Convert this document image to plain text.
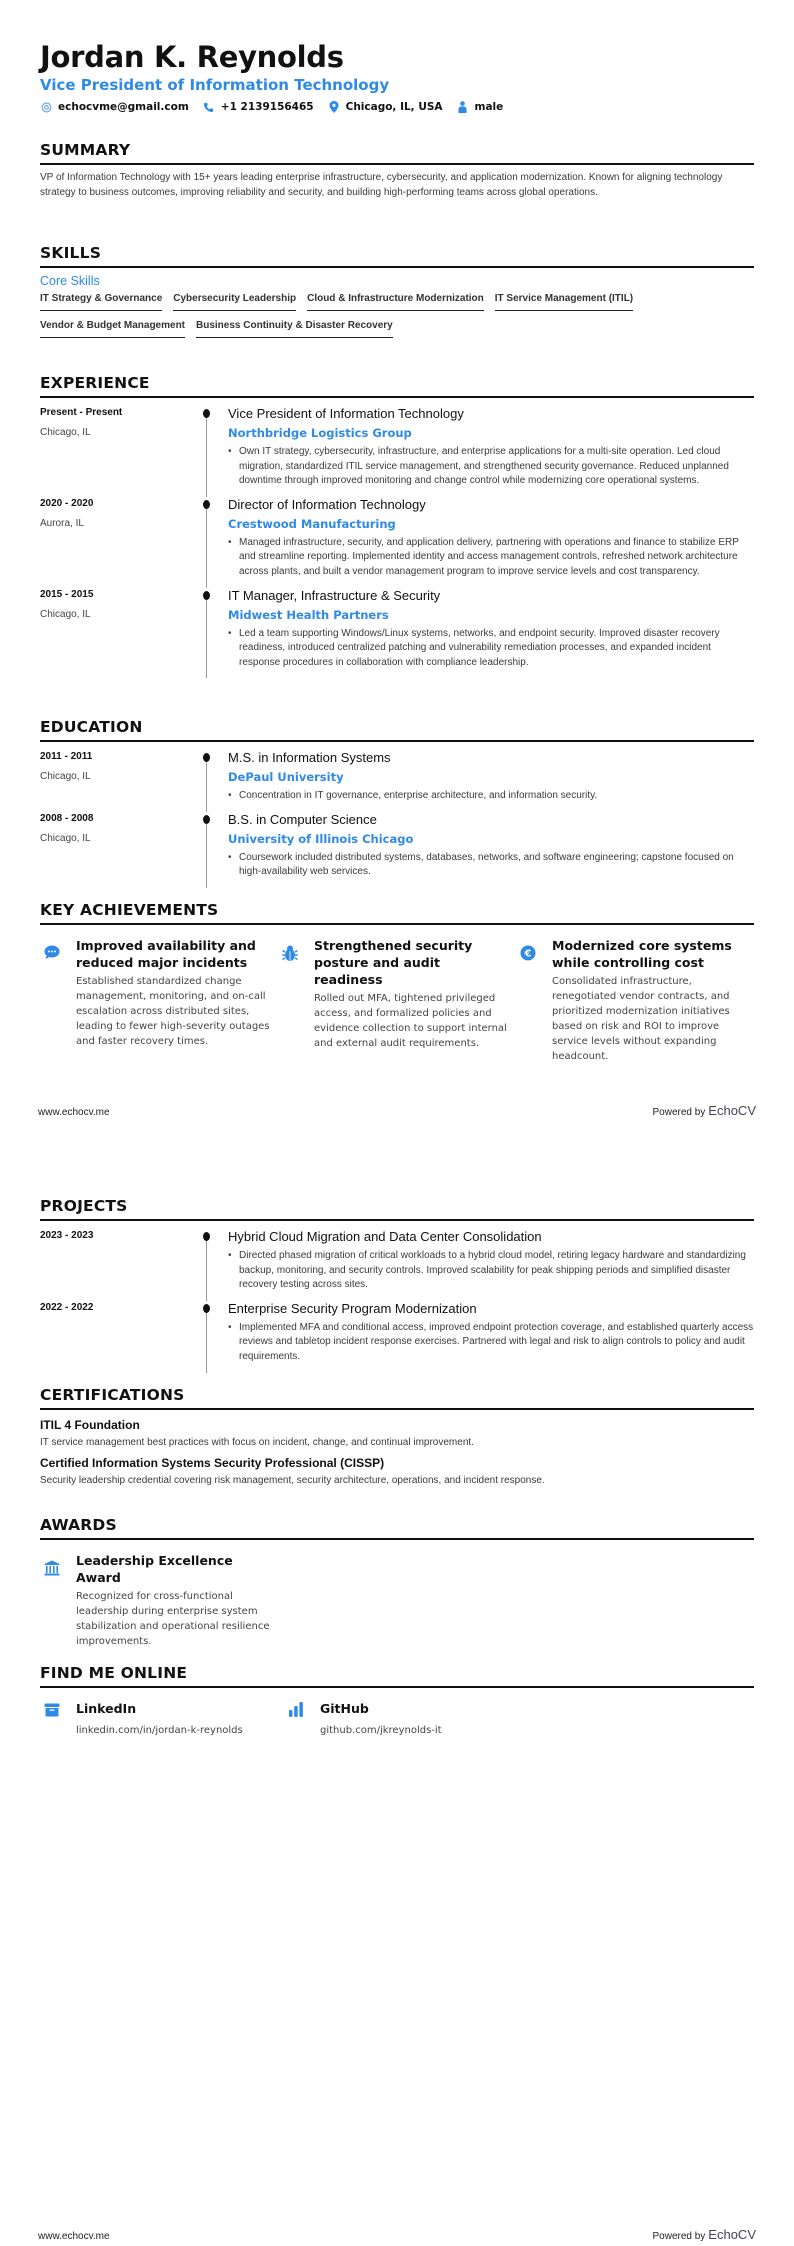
Jordan K. Reynolds
Vice President of Information Technology
echocvme@gmail.com	+1 2139156465	Chicago, IL, USA	male
SUMMARY
VP of Information Technology with 15+ years leading enterprise infrastructure, cybersecurity, and application modernization. Known for aligning technology strategy to business outcomes, improving reliability and security, and building high-performing teams across global operations.
SKILLS
Core Skills
IT Strategy & Governance Cybersecurity Leadership Cloud & Infrastructure Modernization IT Service Management (ITIL)
Vendor & Budget Management Business Continuity & Disaster Recovery
EXPERIENCE
Present - Present
Chicago, IL
Vice President of Information Technology
Northbridge Logistics Group
• Own IT strategy, cybersecurity, infrastructure, and enterprise applications for a multi-site operation. Led cloud migration, standardized ITIL service management, and strengthened security governance. Reduced unplanned downtime through improved monitoring and change control while modernizing core operational systems.
2020 - 2020
Aurora, IL
Director of Information Technology
Crestwood Manufacturing
• Managed infrastructure, security, and application delivery, partnering with operations and finance to stabilize ERP and streamline reporting. Implemented identity and access management controls, refreshed network architecture across plants, and built a vendor management program to improve service levels and cost transparency.
2015 - 2015
Chicago, IL
IT Manager, Infrastructure & Security
Midwest Health Partners
• Led a team supporting Windows/Linux systems, networks, and endpoint security. Improved disaster recovery readiness, introduced centralized patching and vulnerability remediation processes, and expanded incident response procedures in collaboration with compliance leadership.
EDUCATION
2011 - 2011
Chicago, IL
M.S. in Information Systems
DePaul University
• Concentration in IT governance, enterprise architecture, and information security.
2008 - 2008
Chicago, IL
B.S. in Computer Science
University of Illinois Chicago
• Coursework included distributed systems, databases, networks, and software engineering; capstone focused on high-availability web services.
KEY ACHIEVEMENTS
Improved availability and reduced major incidents
Established standardized change management, monitoring, and on-call escalation across distributed sites, leading to fewer high-severity outages and faster recovery times.
Strengthened security posture and audit readiness
Rolled out MFA, tightened privileged access, and formalized policies and evidence collection to support internal and external audit requirements.
€
Modernized core systems while controlling cost
Consolidated infrastructure, renegotiated vendor contracts, and prioritized modernization initiatives based on risk and ROI to improve service levels without expanding headcount.
www.echocv.me	Powered by EchoCV
PROJECTS
2023 - 2023	Hybrid Cloud Migration and Data Center Consolidation
• Directed phased migration of critical workloads to a hybrid cloud model, retiring legacy hardware and standardizing backup, monitoring, and security controls. Improved scalability for peak shipping periods and simplified disaster recovery testing across sites.
2022 - 2022	Enterprise Security Program Modernization
• Implemented MFA and conditional access, improved endpoint protection coverage, and established quarterly access reviews and tabletop incident response exercises. Partnered with legal and risk to align controls to policy and audit requirements.
CERTIFICATIONS
ITIL 4 Foundation
IT service management best practices with focus on incident, change, and continual improvement.
Certified Information Systems Security Professional (CISSP)
Security leadership credential covering risk management, security architecture, operations, and incident response.
AWARDS
Leadership Excellence Award
Recognized for cross-functional leadership during enterprise system stabilization and operational resilience improvements.
FIND ME ONLINE
LinkedIn
linkedin.com/in/jordan-k-reynolds
GitHub
github.com/jkreynolds-it
www.echocv.me	Powered by EchoCV
